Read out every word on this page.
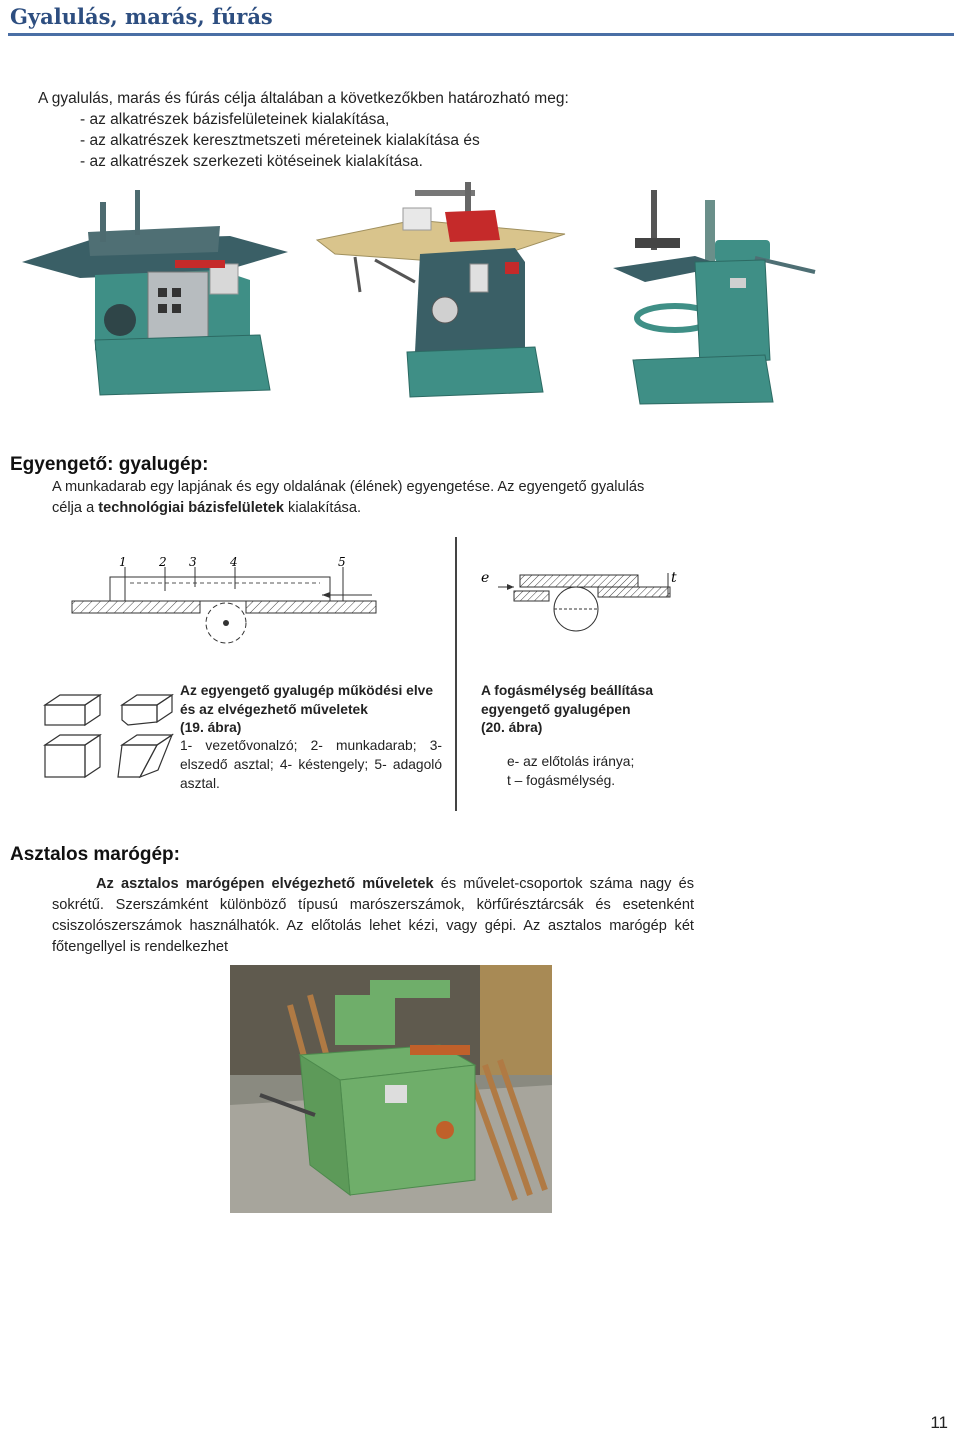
Gyalulás, marás, fúrás
A gyalulás, marás és fúrás célja általában a következőkben határozható meg:
- az alkatrészek bázisfelületeinek kialakítása,
- az alkatrészek keresztmetszeti méreteinek kialakítása és
- az alkatrészek szerkezeti kötéseinek kialakítása.
Egyengető: gyalugép:
A munkadarab egy lapjának és egy oldalának (élének) egyengetése. Az egyengető gyalulás célja a technológiai bázisfelületek kialakítása.
1	2 3	4	5
Az egyengető gyalugép működési elve és az elvégezhető műveletek
(19. ábra)
1- vezetővonalzó; 2- munkadarab; 3- elszedő asztal; 4- késtengely; 5- adagoló asztal.
e	t
A fogásmélység beállítása egyengető gyalugépen
(20. ábra)
e- az előtolás iránya;
t – fogásmélység.
Asztalos marógép:
Az asztalos marógépen elvégezhető műveletek és művelet-csoportok száma nagy és sokrétű. Szerszámként különböző típusú marószerszámok, körfűrésztárcsák és esetenként csiszolószerszámok használhatók. Az előtolás lehet kézi, vagy gépi. Az asztalos marógép két főtengellyel is rendelkezhet
11
